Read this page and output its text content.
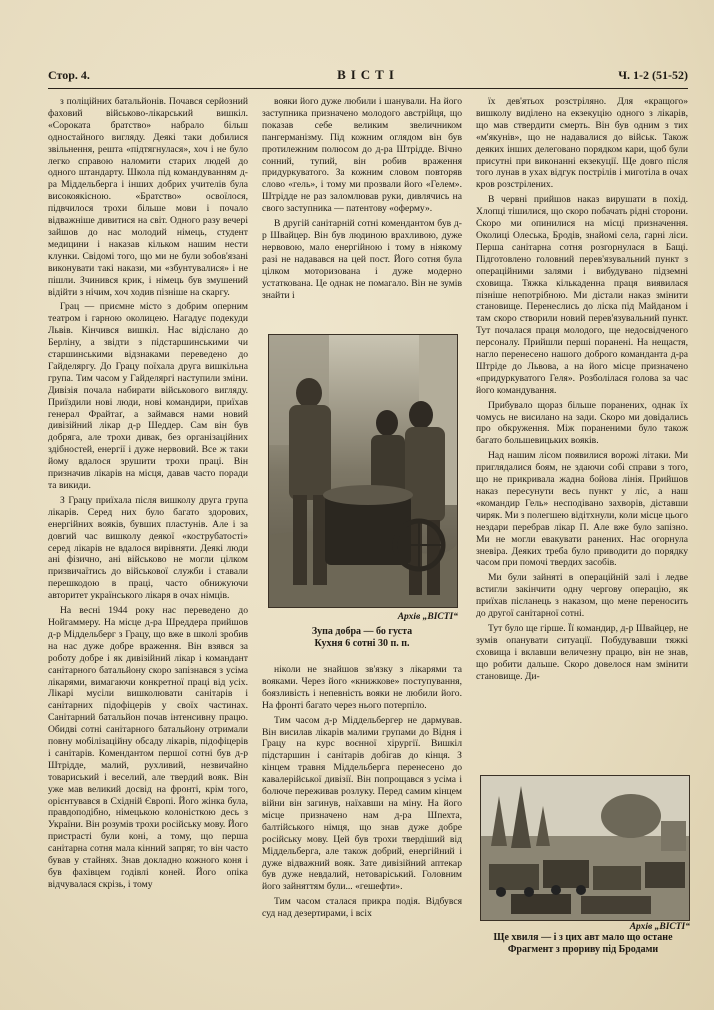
Стор. 4.	ВІСТІ	Ч. 1-2 (51-52)

з поліційних батальйонів. Почався серйозний фаховий військово-лікарський вишкіл. «Сороката братство» набрало більш одностайного вигляду. Деякі таки добилися звільнення, решта «підтягнулася», хоч і не було легко справою наломити старих людей до одного штандарту. Школа під командуванням д-ра Міддельберга і інших добрих учителів була високоякісною. «Братство» освоїлося, підвчилося трохи більше мови і почало відважніше дивитися на світ. Одного разу вечері зайшов до нас молодий німець, студент медицини і наказав кільком нашим нести клунки. Свідомі того, що ми не були зобов'язані виконувати такі накази, ми «збунтувалися» і не пішли. Зчинився крик, і німець був змушений відійти з нічим, хоч ходив пізніше на скаргу.

Грац — приємне місто з добрим оперним театром і гарною околицею. Нагадує подекуди Львів. Кінчився вишкіл. Нас відіслано до Берліну, а звідти з підстаршинськими чи старшинськими відзнаками переведено до Гайделяргу. До Грацу поїхала друга вишкільна група. Тим часом у Гайделяргі наступили зміни. Дивізія почала набирати військового вигляду. Приїздили нові люди, нові командири, приїхав генерал Фрайтаґ, а займався нами новий дивізійний лікар д-р Шеддер. Сам він був добряга, але трохи дивак, без організаційних здібностей, енергії і дуже нервовий. Все ж таки йому вдалося зрушити трохи праці. Він призначив лікарів на місця, давав часто поради та викиди.

З Грацу приїхала після вишколу друга група лікарів. Серед них було багато здорових, енергійних вояків, бувших пластунів. Але і за довгий час вишколу деякої «кострубатості» серед лікарів не вдалося вирівняти. Деякі люди ані фізично, ані військово не могли цілком призвичаїтись до військової служби і ставали перешкодою в праці, часто обнижуючи авторитет українського лікаря в очах німців.

На весні 1944 року нас переведено до Нойгаммеру. На місце д-ра Шреддера прийшов д-р Міддельберг з Грацу, що вже в школі зробив на нас дуже добре враження. Він взявся за роботу добре і як дивізійний лікар і командант санітарного батальйону скоро запізнався з усіма лікарями, вимагаючи конкретної праці від усіх. Лікарі мусіли вишколювати санітарів і санітарних підофіцерів у своїх частинах. Санітарний батальйон почав інтенсивну працю. Обидві сотні санітарного батальйону отримали повну мобілізаційну обсаду лікарів, підофіцерів і санітарів. Комендантом першої сотні був д-р Штрідде, малий, рухливий, незвичайно товариський і веселий, але твердий вояк. Він уже мав великий досвід на фронті, крім того, орієнтувався в Східній Європі. Його жінка була, правдоподібно, німецькою колоністкою десь з України. Він розумів трохи російську мову. Його пристрасті були коні, а тому, що перша санітарна сотня мала кінний запряг, то він часто бував у стайнях. Знав докладно кожного коня і був фахівцем годівлі коней. Його опіка відчувалася скрізь, і тому

вояки його дуже любили і шанували. На його заступника призначено молодого австрійця, що показав себе великим звеличником пангерманізму. Під кожним оглядом він був протилежним полюсом до д-ра Штрідде. Вічно сонний, тупий, він робив враження придуркуватого. За кожним словом повторяв слово «гель», і тому ми прозвали його «Гелем». Штрідде не раз заломлював руки, дивлячись на свого заступника — патентову «оферму».

В другій санітарній сотні комендантом був д-р Швайцер. Він був людиною врахливою, дуже нервовою, мало енергійною і тому в ніякому разі не надавався на цей пост. Його сотня була цілком моторизована і дуже модерно устаткована. Це однак не помагало. Він не зумів знайти і

Архів „ВІСТІ“
Зупа добра — бо густа
Кухня 6 сотні 30 п. п.

ніколи не знайшов зв'язку з лікарями та вояками. Через його «книжкове» поступування, боязливість і непевність вояки не любили його. На фронті багато через нього потерпіло.

Тим часом д-р Міддельбергер не дармував. Він висилав лікарів малими групами до Відня і Грацу на курс воєнної хірургії. Вишкіл підстаршин і санітарів добігав до кінця. З кінцем травня Міддельберга перенесено до кавалерійської дивізії. Він попрощався з усіма і болюче переживав розлуку. Перед самим кінцем війни він загинув, наїхавши на міну. На його місце призначено нам д-ра Шпехта, балтійського німця, що знав дуже добре російську мову. Цей був трохи твердіший від Міддельберга, але також добрий, енергійний і дуже відважний вояк. Зате дивізійний аптекар був дуже невдалий, нетоваріський. Головним його зайняттям були... «гешефти».

Тим часом сталася прикра подія. Відбувся суд над дезертирами, і всіх

їх дев'ятьох розстріляно. Для «кращого» вишколу виділено на екзекуцію одного з лікарів, що мав ствердити смерть. Він був одним з тих «м'якунів», що не надавалися до військ. Також деяких інших делеговано порядком кари, щоб були присутні при виконанні екзекуції. Ще довго після того лунав в ухах відгук пострілів і миготіла в очах кров розстрілених.

В червні прийшов наказ вирушати в похід. Хлопці тішилися, що скоро побачать рідні сторони. Скоро ми опинилися на місці призначення. Околиці Олеська, Бродів, знайомі села, гарні ліси. Перша санітарна сотня розгорнулася в Бащі. Підготовлено головний перев'язувальний пункт з операційними залями і вибудувано підземні сховища. Тяжка кількаденна праця виявилася пізніше непотрібною. Ми дістали наказ змінити становище. Перенеслись до ліска під Майданом і там скоро створили новий перев'язувальний пункт. Тут почалася праця молодого, ще недосвідченого персоналу. Прийшли перші поранені. На нещастя, нагло перенесено нашого доброго команданта д-ра Штріде до Львова, а на його місце призначено «придуркуватого Геля». Розболілася голова за час його командування.

Прибувало щораз більше поранених, однак їх чомусь не висилано на зади. Скоро ми довідались про обкруження. Між пораненими було також багато большевицьких вояків.

Над нашим лісом появилися ворожі літаки. Ми приглядалися боям, не здаючи собі справи з того, що не прикривала жадна бойова лінія. Прийшов наказ пересунути весь пункт у ліс, а наш «командир Гель» несподівано захворів, діставши чиряк. Ми з полегшею відітхнули, коли місце цього нездари перебрав лікар П. Але вже було запізно. Ми не могли евакувати ранених. Нас огорнула зневіра. Деяких треба було приводити до порядку часом при помочі твердих засобів.

Ми були зайняті в операційній залі і ледве встигли закінчити одну чергову операцію, як приїхав післанець з наказом, що мене переносить до другої санітарної сотні.

Тут було ще гірше. Її командир, д-р Швайцер, не зумів опанувати ситуації. Побудувавши тяжкі сховища і вклавши величезну працю, він не знав, що робити дальше. Скоро довелося нам змінити становище. Ди-

Архів „ВІСТІ“
Ще хвиля — і з цих авт мало що остане
Фрагмент з прориву під Бродами
